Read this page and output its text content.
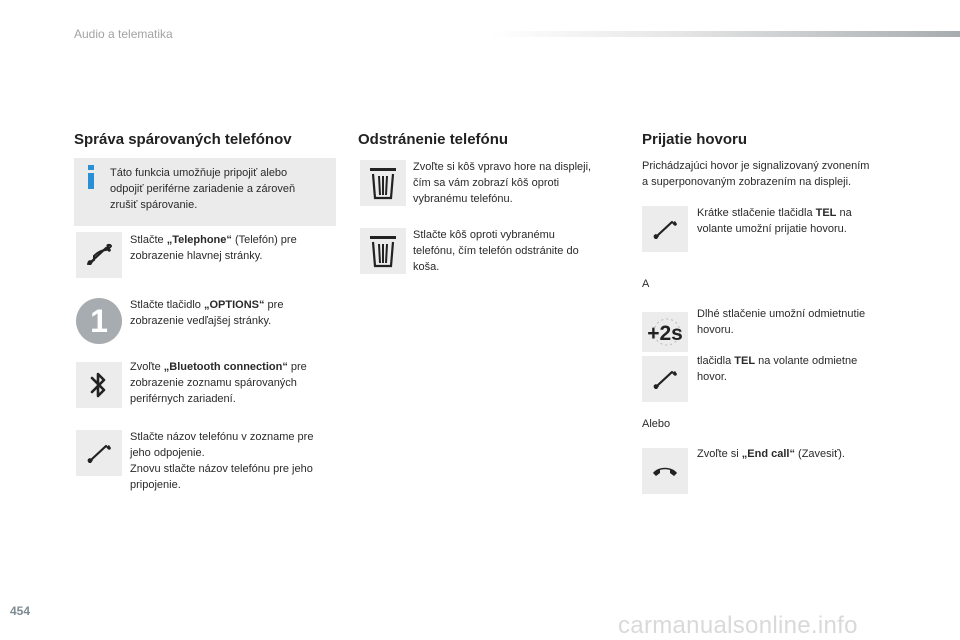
Audio a telematika
Správa spárovaných telefónov
Táto funkcia umožňuje pripojiť alebo
odpojiť periférne zariadenie a zároveň
zrušiť spárovanie.
Stlačte „Telephone“ (Telefón) pre
zobrazenie hlavnej stránky.
1	Stlačte tlačidlo „OPTIONS“ pre
zobrazenie vedľajšej stránky.
Zvoľte „Bluetooth connection“ pre
zobrazenie zoznamu spárovaných
periférnych zariadení.
Stlačte názov telefónu v zozname pre
jeho odpojenie.
Znovu stlačte názov telefónu pre jeho
pripojenie.
Odstránenie telefónu
Zvoľte si kôš vpravo hore na displeji,
čím sa vám zobrazí kôš oproti
vybranému telefónu.
Stlačte kôš oproti vybranému
telefónu, čím telefón odstránite do
koša.
Prijatie hovoru
Prichádzajúci hovor je signalizovaný zvonením
a superponovaným zobrazením na displeji.
Krátke stlačenie tlačidla TEL na
volante umožní prijatie hovoru.
A
Dlhé stlačenie umožní odmietnutie
hovoru.
+2s
tlačidla TEL na volante odmietne
hovor.
Alebo
Zvoľte si „End call“ (Zavesiť).
454
carmanualsonline.info
